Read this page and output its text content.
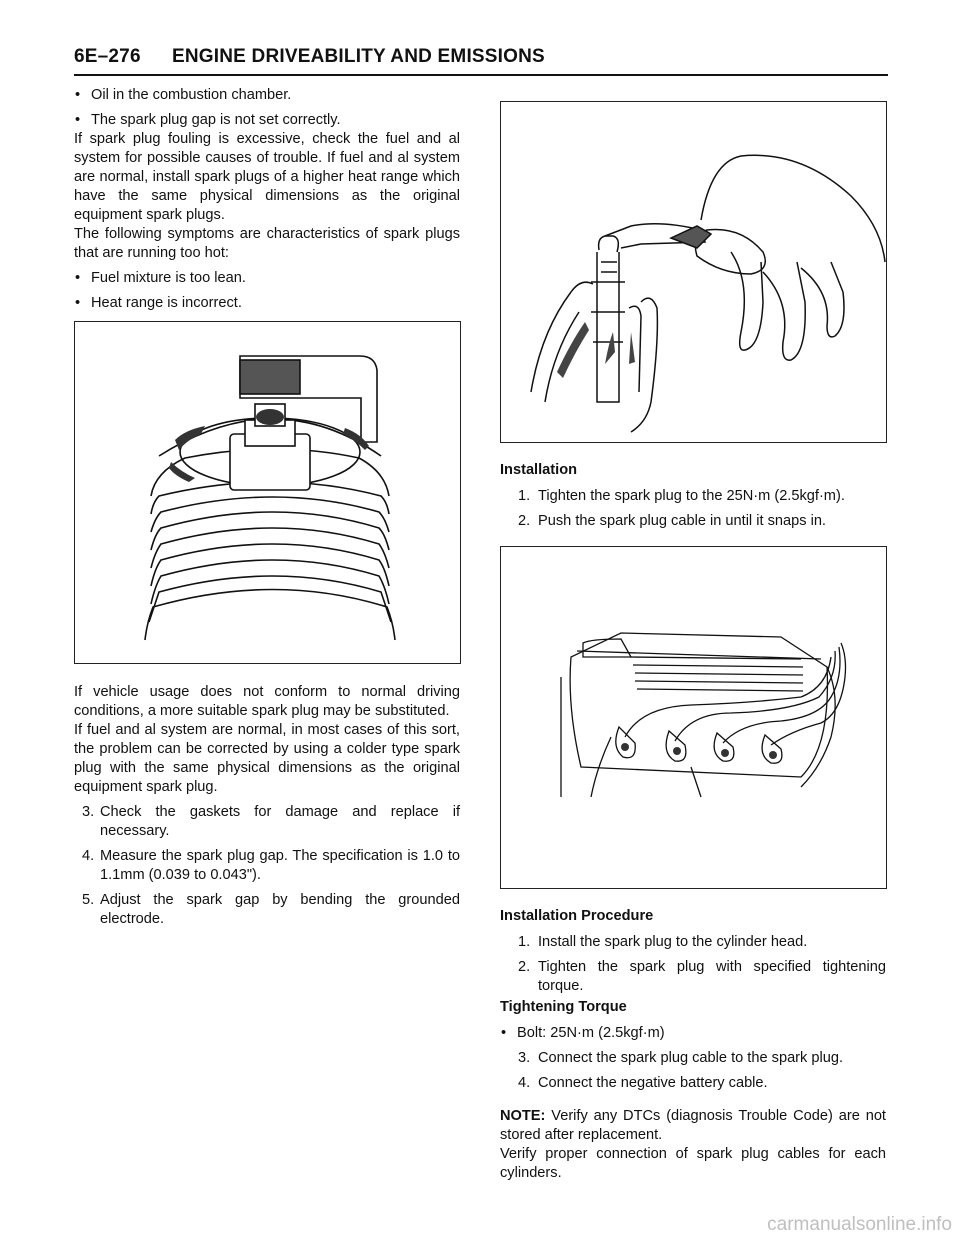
6E–276 ENGINE DRIVEABILITY AND EMISSIONS
• Oil in the combustion chamber.
• The spark plug gap is not set correctly.

If spark plug fouling is excessive, check the fuel and al system for possible causes of trouble. If fuel and al system are normal, install spark plugs of a higher heat range which have the same physical dimensions as the original equipment spark plugs.

The following symptoms are characteristics of spark plugs that are running too hot:

• Fuel mixture is too lean.
• Heat range is incorrect.

If vehicle usage does not conform to normal driving conditions, a more suitable spark plug may be substituted.

If fuel and al system are normal, in most cases of this sort, the problem can be corrected by using a colder type spark plug with the same physical dimensions as the original equipment spark plug.

3. Check the gaskets for damage and replace if necessary.
4. Measure the spark plug gap. The specification is 1.0 to 1.1mm (0.039 to 0.043").
5. Adjust the spark gap by bending the grounded electrode.
Installation
1. Tighten the spark plug to the 25N·m (2.5kgf·m).
2. Push the spark plug cable in until it snaps in.
Installation Procedure
1. Install the spark plug to the cylinder head.
2. Tighten the spark plug with specified tightening torque.
Tightening Torque
• Bolt: 25N·m (2.5kgf·m)
3. Connect the spark plug cable to the spark plug.
4. Connect the negative battery cable.

NOTE: Verify any DTCs (diagnosis Trouble Code) are not stored after replacement.

Verify proper connection of spark plug cables for each cylinders.

carmanualsonline.info
